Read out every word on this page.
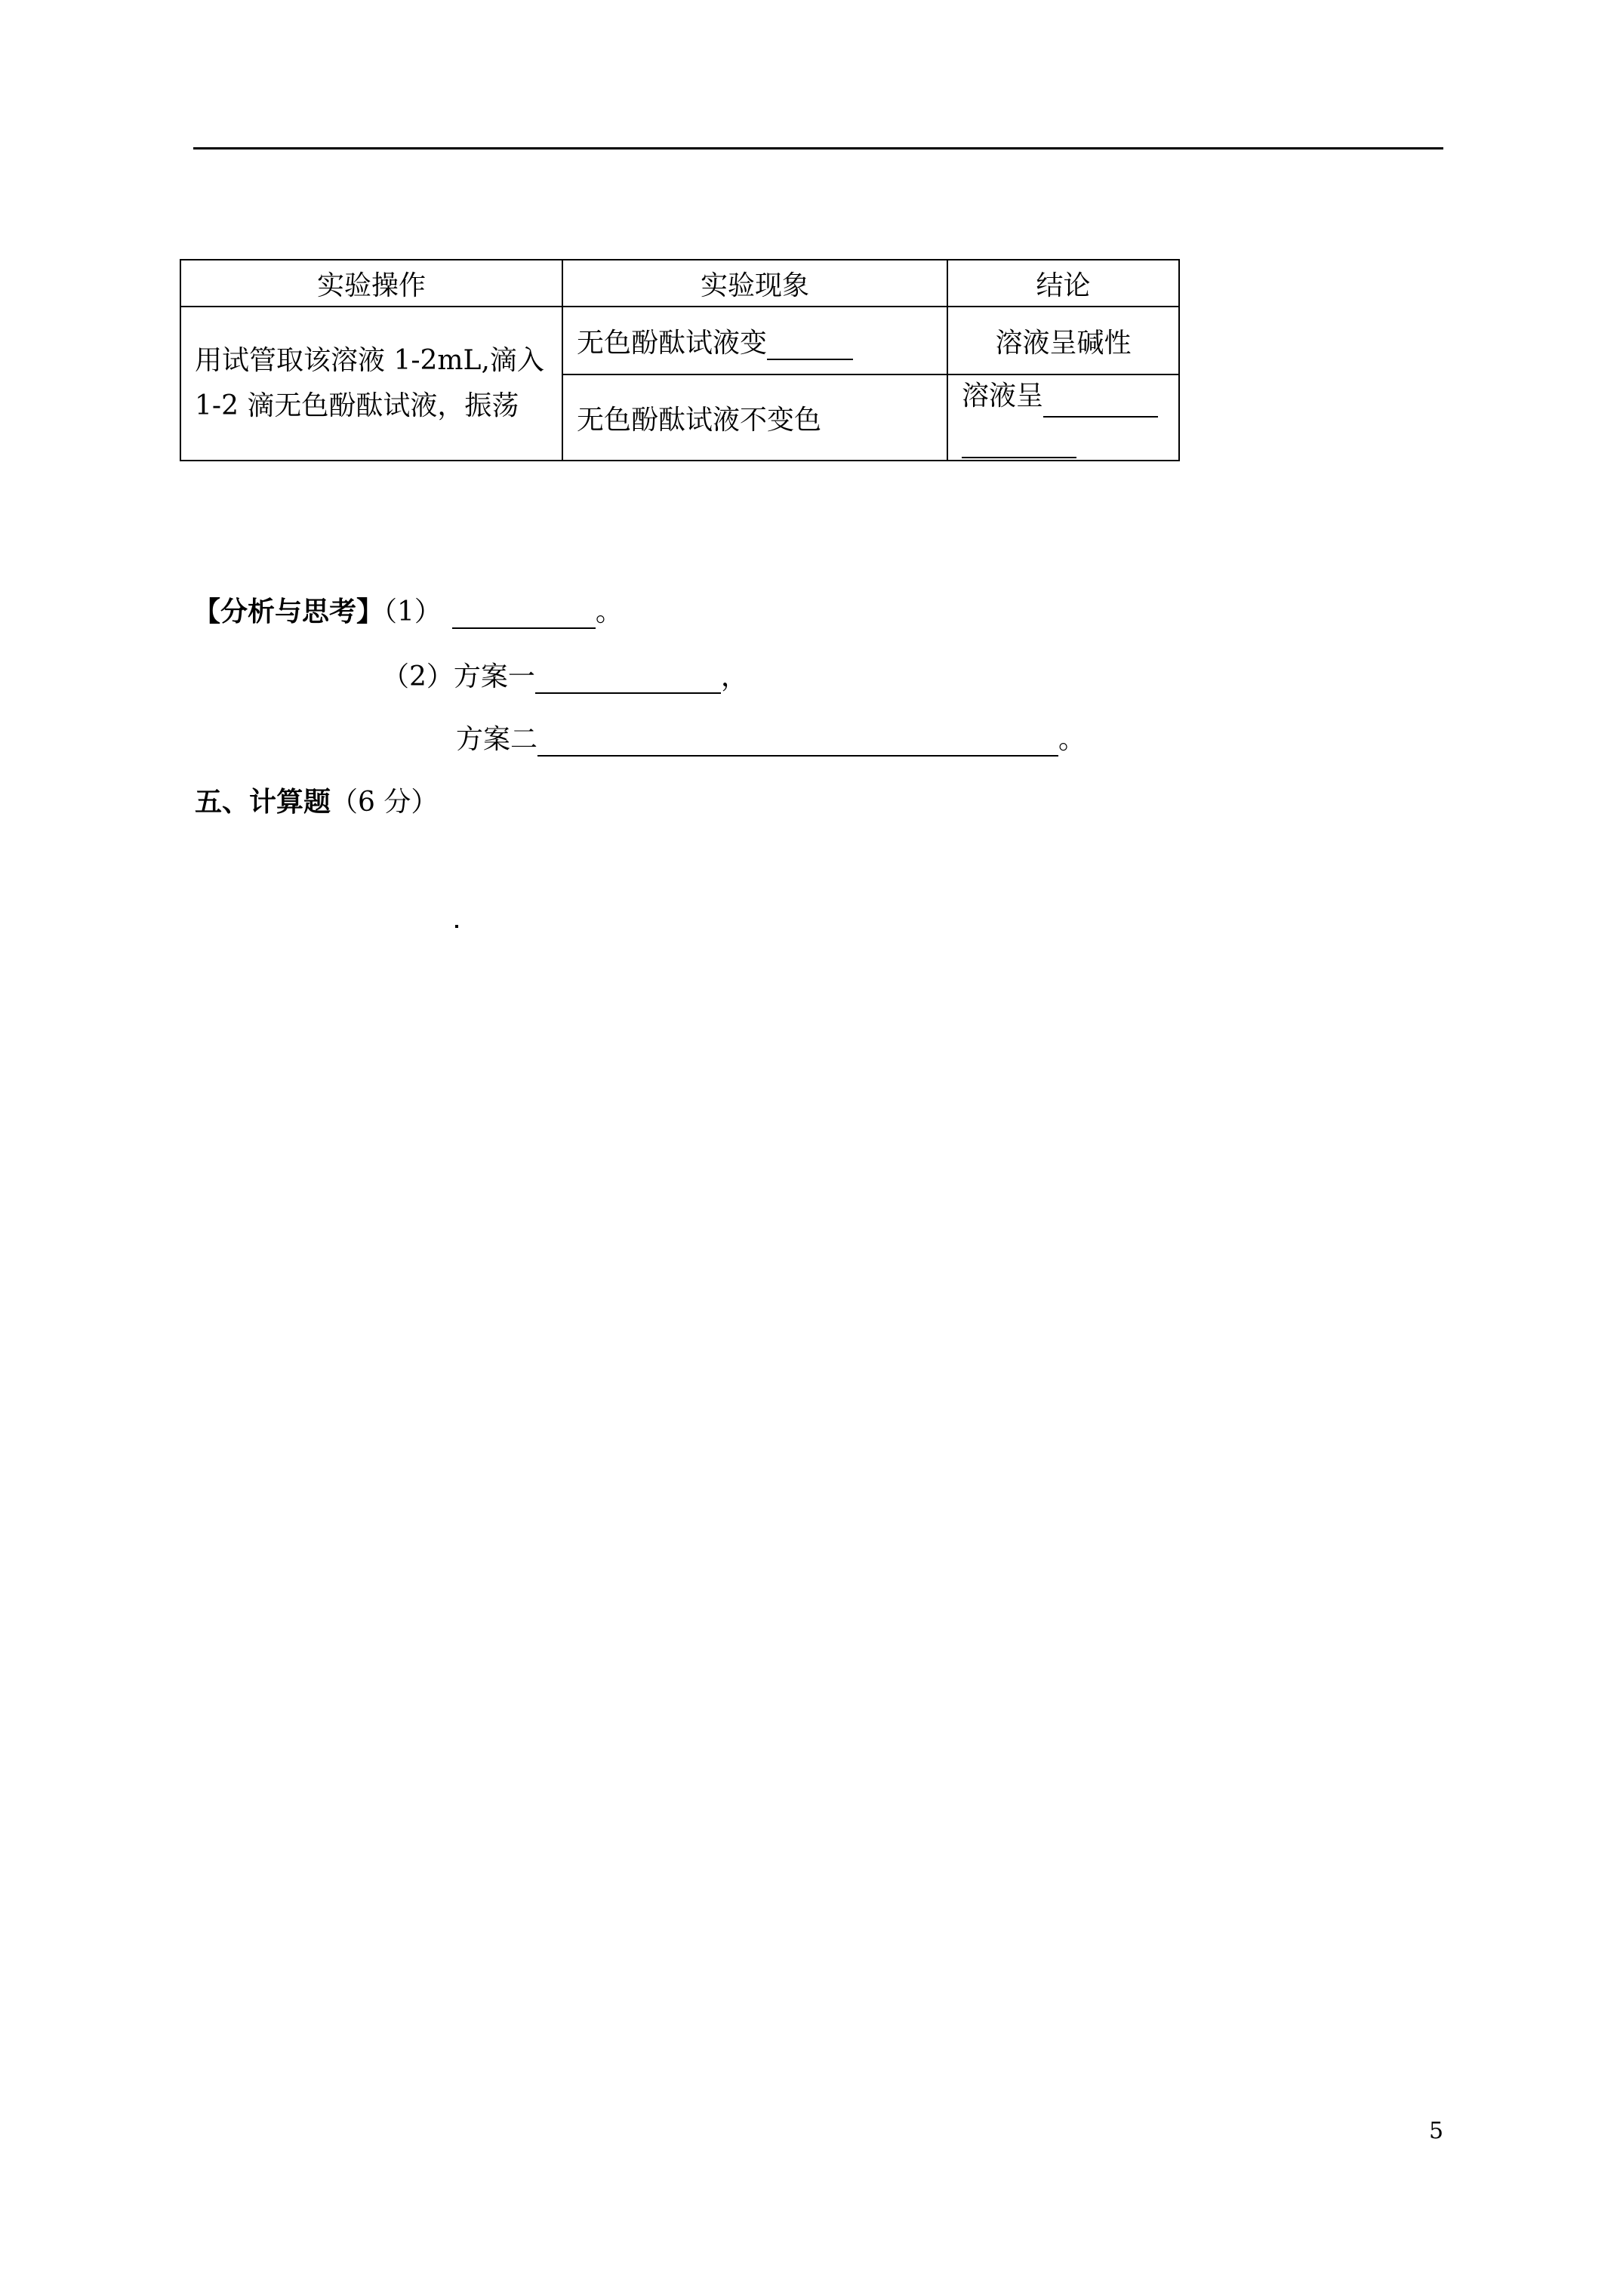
实验操作	实验现象	结论

用试管取该溶液 1-2mL,滴入
1-2 滴无色酚酞试液，振荡	无色酚酞试液变	溶液呈碱性
	无色酚酞试液不变色	溶液呈

【分析与思考】（1）	。
（2）方案一	，
方案二	。
五、计算题（6 分）
5
